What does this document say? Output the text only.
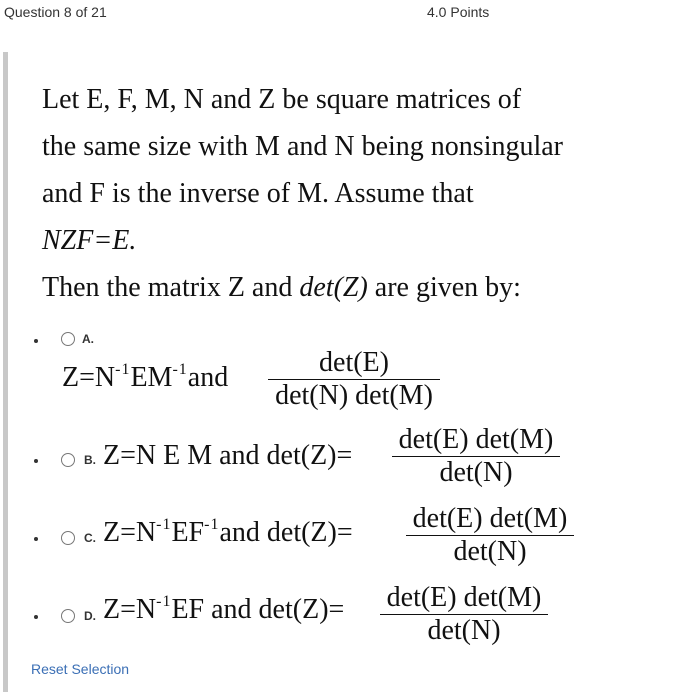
Question 8 of 21	4.0 Points

Let E, F, M, N and Z be square matrices of

the same size with M and N being nonsingular

and F is the inverse of M. Assume that

NZF=E.

Then the matrix Z and det(Z) are given by:

A.
$Z=N^{-1}EM^{-1}and$	det(E)
det(N) det(M)
B. Z=N E M and det(Z)=
det(E) det(M)
det(N)
C. $Z=N^{-1}EF^{-1}and$ det(Z)= det(E) det(M)
det(N)
D. $Z=N^{-1}EF$ and det(Z)= det(E) det(M)
det(N)
Reset Selection
